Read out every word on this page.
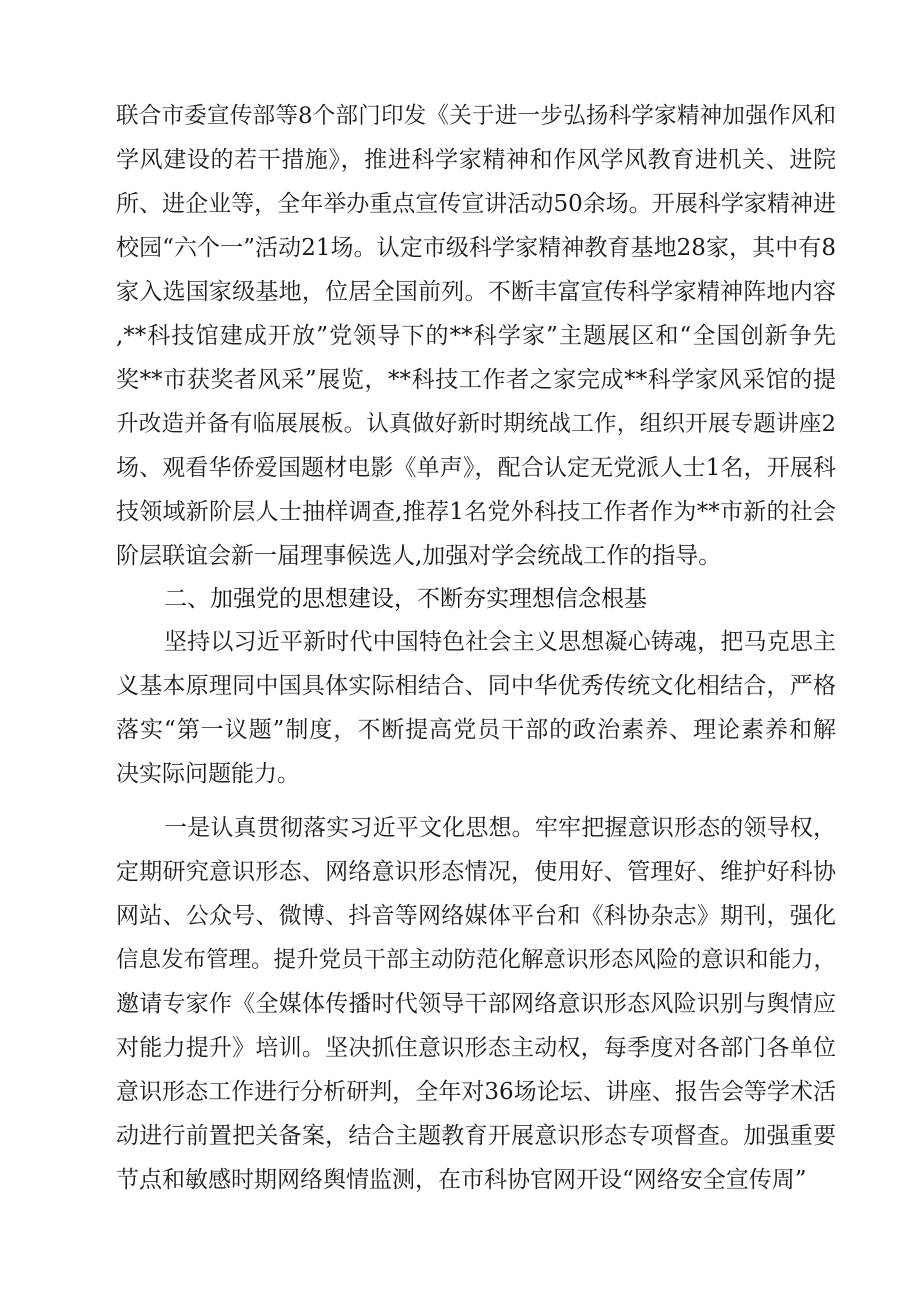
联合市委宣传部等8个部门印发《关于进一步弘扬科学家精神加强作风和
学风建设的若干措施》，推进科学家精神和作风学风教育进机关、进院
所、进企业等，全年举办重点宣传宣讲活动50余场。开展科学家精神进
校园“六个一”活动21场。认定市级科学家精神教育基地28家，其中有8
家入选国家级基地，位居全国前列。不断丰富宣传科学家精神阵地内容
,**科技馆建成开放”党领导下的**科学家”主题展区和“全国创新争先
奖**市获奖者风采”展览，**科技工作者之家完成**科学家风采馆的提
升改造并备有临展展板。认真做好新时期统战工作，组织开展专题讲座2
场、观看华侨爱国题材电影《单声》，配合认定无党派人士1名，开展科
技领域新阶层人士抽样调查,推荐1名党外科技工作者作为**市新的社会
阶层联谊会新一届理事候选人,加强对学会统战工作的指导。
二、加强党的思想建设，不断夯实理想信念根基
坚持以习近平新时代中国特色社会主义思想凝心铸魂，把马克思主
义基本原理同中国具体实际相结合、同中华优秀传统文化相结合，严格
落实“第一议题”制度，不断提高党员干部的政治素养、理论素养和解
决实际问题能力。
一是认真贯彻落实习近平文化思想。牢牢把握意识形态的领导权，
定期研究意识形态、网络意识形态情况，使用好、管理好、维护好科协
网站、公众号、微博、抖音等网络媒体平台和《科协杂志》期刊，强化
信息发布管理。提升党员干部主动防范化解意识形态风险的意识和能力，
邀请专家作《全媒体传播时代领导干部网络意识形态风险识别与舆情应
对能力提升》培训。坚决抓住意识形态主动权，每季度对各部门各单位
意识形态工作进行分析研判，全年对36场论坛、讲座、报告会等学术活
动进行前置把关备案，结合主题教育开展意识形态专项督查。加强重要
节点和敏感时期网络舆情监测，在市科协官网开设“网络安全宣传周”
